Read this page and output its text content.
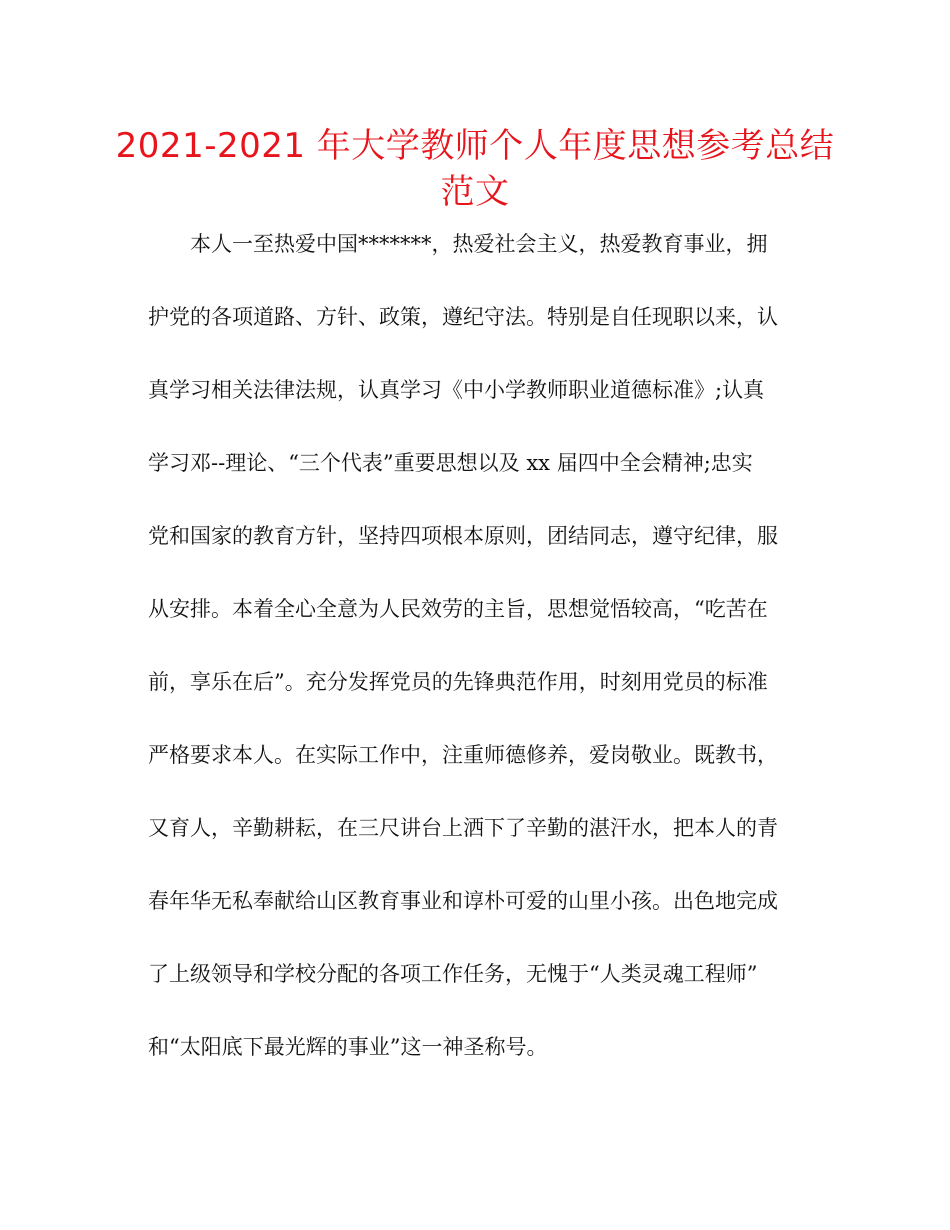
2021-2021 年大学教师个人年度思想参考总结
范文

本人一至热爱中国*******，热爱社会主义，热爱教育事业，拥
护党的各项道路、方针、政策，遵纪守法。特别是自任现职以来，认
真学习相关法律法规，认真学习《中小学教师职业道德标准》;认真
学习邓--理论、“三个代表”重要思想以及 xx 届四中全会精神;忠实
党和国家的教育方针，坚持四项根本原则，团结同志，遵守纪律，服
从安排。本着全心全意为人民效劳的主旨，思想觉悟较高，“吃苦在
前，享乐在后”。充分发挥党员的先锋典范作用，时刻用党员的标准
严格要求本人。在实际工作中，注重师德修养，爱岗敬业。既教书，
又育人，辛勤耕耘，在三尺讲台上洒下了辛勤的湛汗水，把本人的青
春年华无私奉献给山区教育事业和谆朴可爱的山里小孩。出色地完成
了上级领导和学校分配的各项工作任务，无愧于“人类灵魂工程师”
和“太阳底下最光辉的事业”这一神圣称号。
